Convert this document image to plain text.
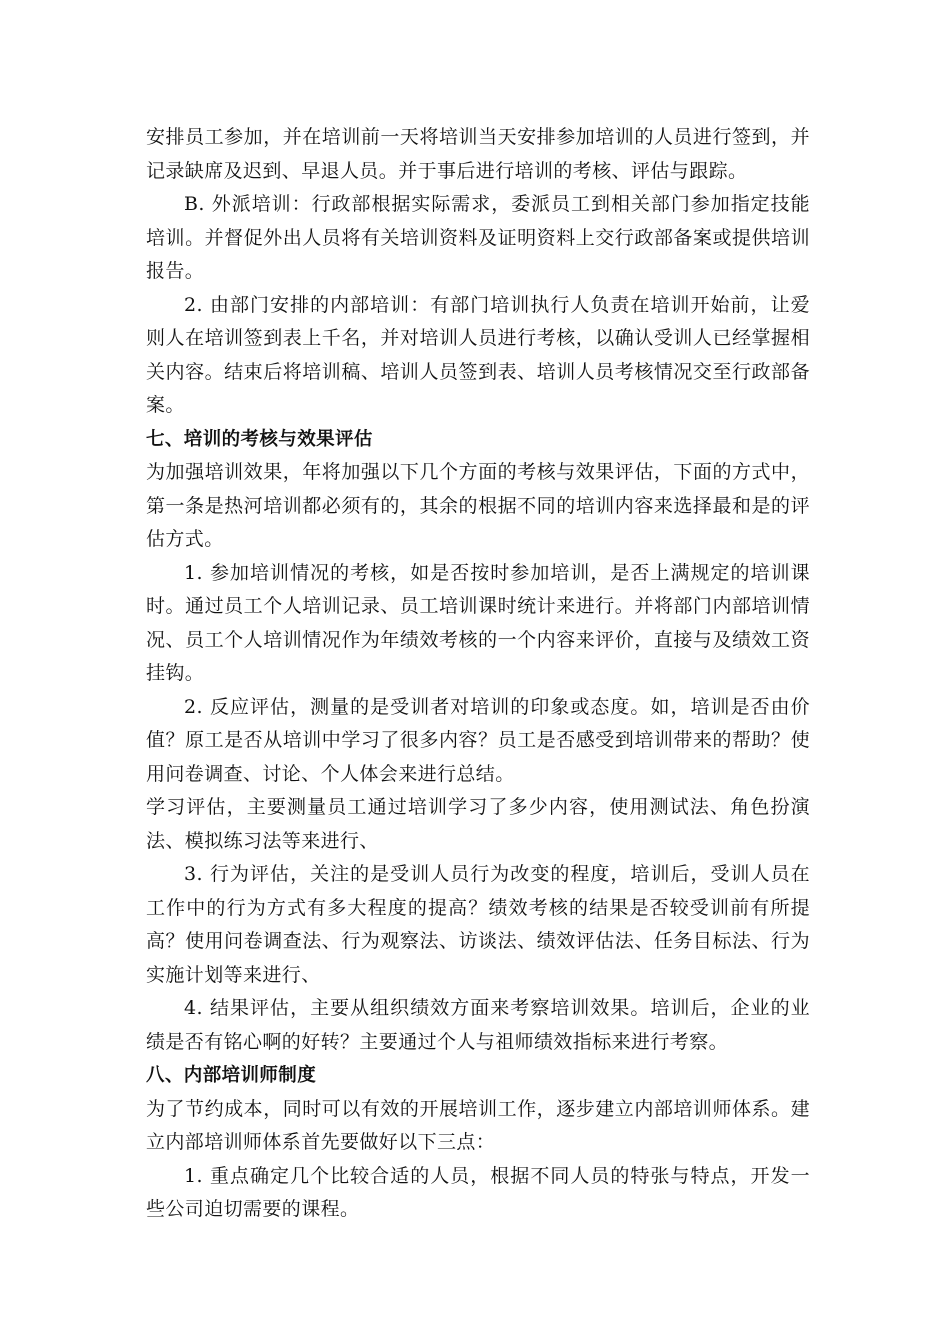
安排员工参加，并在培训前一天将培训当天安排参加培训的人员进行签到，并记录缺席及迟到、早退人员。并于事后进行培训的考核、评估与跟踪。

B. 外派培训：行政部根据实际需求，委派员工到相关部门参加指定技能培训。并督促外出人员将有关培训资料及证明资料上交行政部备案或提供培训报告。

2. 由部门安排的内部培训：有部门培训执行人负责在培训开始前，让爱则人在培训签到表上千名，并对培训人员进行考核，以确认受训人已经掌握相关内容。结束后将培训稿、培训人员签到表、培训人员考核情况交至行政部备案。

七、培训的考核与效果评估

为加强培训效果，年将加强以下几个方面的考核与效果评估，下面的方式中，第一条是热河培训都必须有的，其余的根据不同的培训内容来选择最和是的评估方式。

1. 参加培训情况的考核，如是否按时参加培训，是否上满规定的培训课时。通过员工个人培训记录、员工培训课时统计来进行。并将部门内部培训情况、员工个人培训情况作为年绩效考核的一个内容来评价，直接与及绩效工资挂钩。

2. 反应评估，测量的是受训者对培训的印象或态度。如，培训是否由价值？原工是否从培训中学习了很多内容？员工是否感受到培训带来的帮助？使用问卷调查、讨论、个人体会来进行总结。

学习评估，主要测量员工通过培训学习了多少内容，使用测试法、角色扮演法、模拟练习法等来进行、

3. 行为评估，关注的是受训人员行为改变的程度，培训后，受训人员在工作中的行为方式有多大程度的提高？绩效考核的结果是否较受训前有所提高？使用问卷调查法、行为观察法、访谈法、绩效评估法、任务目标法、行为实施计划等来进行、

4. 结果评估，主要从组织绩效方面来考察培训效果。培训后，企业的业绩是否有铭心啊的好转？主要通过个人与祖师绩效指标来进行考察。

八、内部培训师制度

为了节约成本，同时可以有效的开展培训工作，逐步建立内部培训师体系。建立内部培训师体系首先要做好以下三点：

1. 重点确定几个比较合适的人员，根据不同人员的特张与特点，开发一些公司迫切需要的课程。
